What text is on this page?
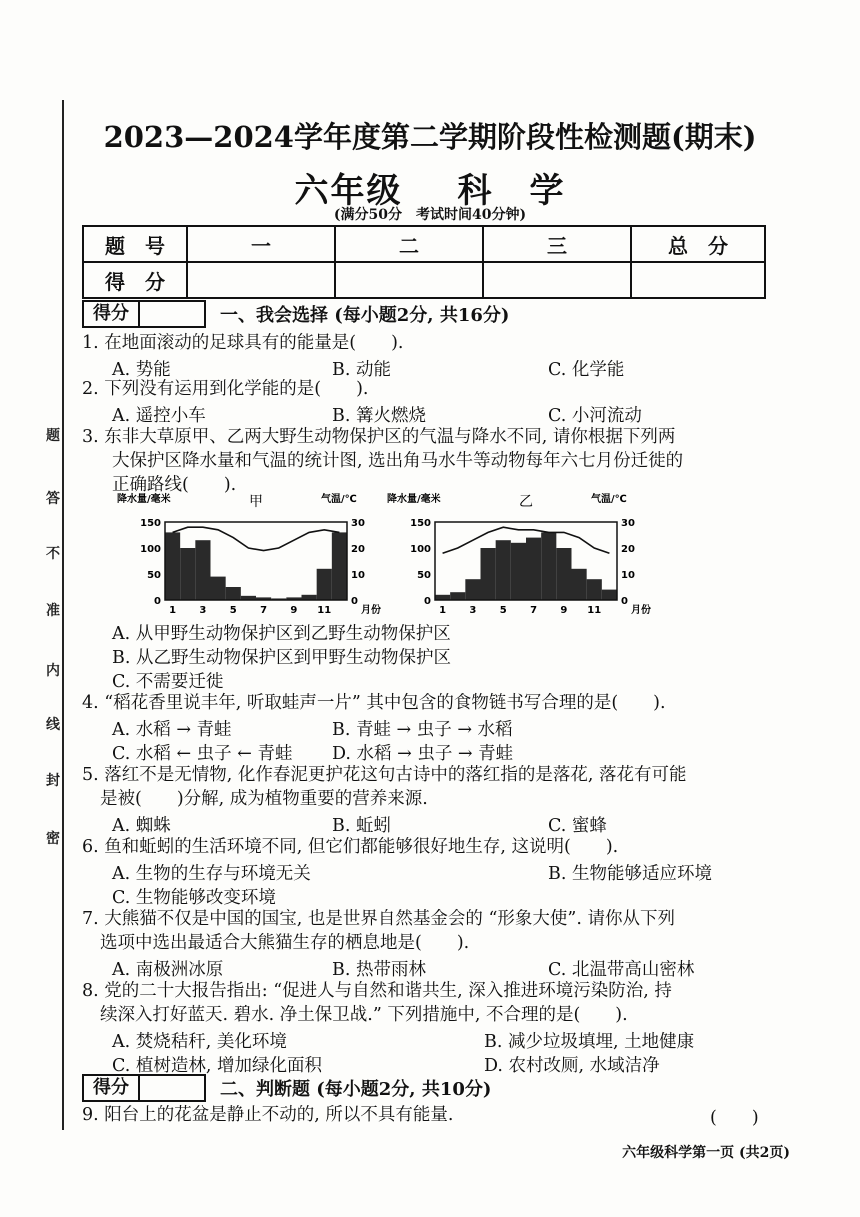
题
答
不
准
内
线
封
密
2023—2024学年度第二学期阶段性检测题(期末)
六年级 科　学
(满分50分　考试时间40分钟)
题　号	一	二	三	总　分
得　分				
得分	一、我会选择 (每小题2分, 共16分)
1. 在地面滚动的足球具有的能量是(　　).
A. 势能	B. 动能	C. 化学能
2. 下列没有运用到化学能的是(　　).
A. 遥控小车	B. 篝火燃烧	C. 小河流动
3. 东非大草原甲、乙两大野生动物保护区的气温与降水不同, 请你根据下列两
大保护区降水量和气温的统计图, 选出角马水牛等动物每年六七月份迁徙的
正确路线(　　).
降水量/毫米	气温/℃
甲
0
50
100
150
0
10
20
30
1 3 5 7 9 11	月份
降水量/毫米	气温/℃
乙
0
50
100
150
0
10
20
30
1 3 5 7 9 11	月份
A. 从甲野生动物保护区到乙野生动物保护区
B. 从乙野生动物保护区到甲野生动物保护区
C. 不需要迁徙
4. “稻花香里说丰年, 听取蛙声一片” 其中包含的食物链书写合理的是(　　).
A. 水稻 → 青蛙	B. 青蛙 → 虫子 → 水稻
C. 水稻 ← 虫子 ← 青蛙 D. 水稻 → 虫子 → 青蛙
5. 落红不是无情物, 化作春泥更护花这句古诗中的落红指的是落花, 落花有可能
是被(　　)分解, 成为植物重要的营养来源.
A. 蜘蛛	B. 蚯蚓	C. 蜜蜂
6. 鱼和蚯蚓的生活环境不同, 但它们都能够很好地生存, 这说明(　　).
A. 生物的生存与环境无关	B. 生物能够适应环境
C. 生物能够改变环境
7. 大熊猫不仅是中国的国宝, 也是世界自然基金会的 “形象大使”. 请你从下列
选项中选出最适合大熊猫生存的栖息地是(　　).
A. 南极洲冰原	B. 热带雨林	C. 北温带高山密林
8. 党的二十大报告指出: “促进人与自然和谐共生, 深入推进环境污染防治, 持
续深入打好蓝天. 碧水. 净土保卫战.” 下列措施中, 不合理的是(　　).
A. 焚烧秸秆, 美化环境	B. 减少垃圾填埋, 土地健康
C. 植树造林, 增加绿化面积	D. 农村改厕, 水域洁净
得分	二、判断题 (每小题2分, 共10分)
9. 阳台上的花盆是静止不动的, 所以不具有能量.	(　　)
六年级科学第一页 (共2页)
